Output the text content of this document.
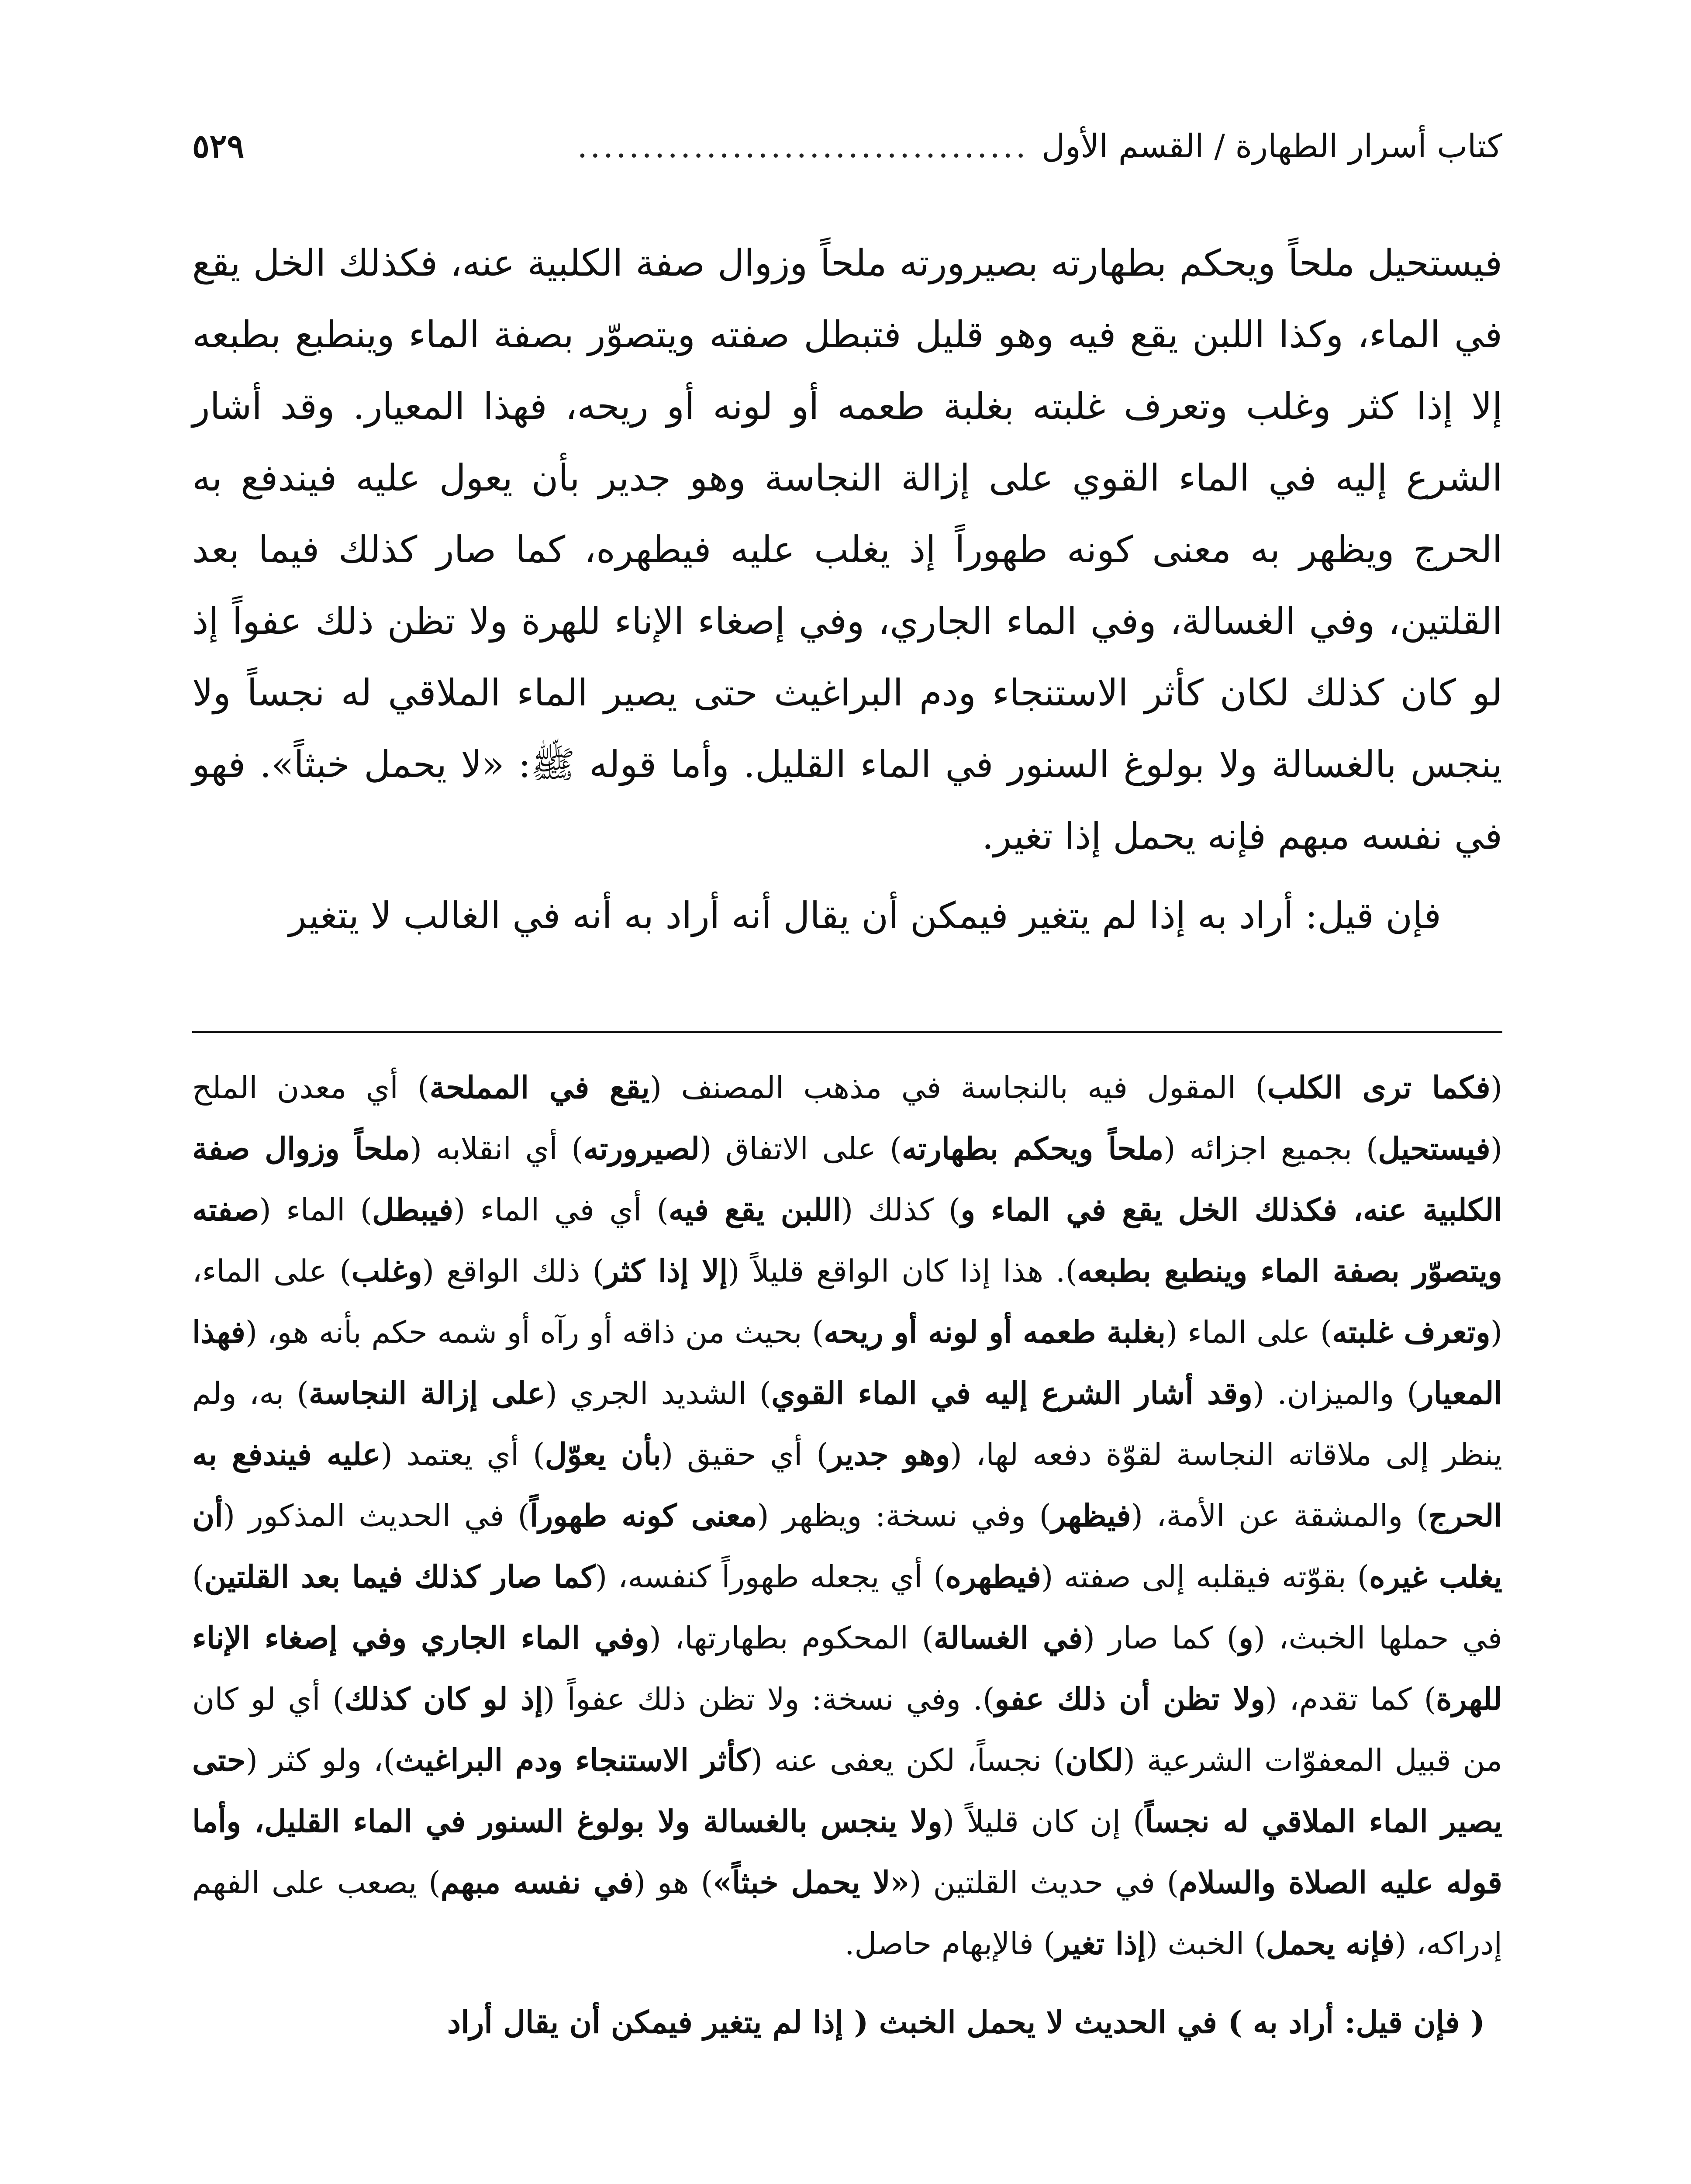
كتاب أسرار الطهارة / القسم الأول
...................................
٥٢٩

فيستحيل ملحاً ويحكم بطهارته بصيرورته ملحاً وزوال صفة الكلبية عنه، فكذلك الخل يقع في الماء، وكذا اللبن يقع فيه وهو قليل فتبطل صفته ويتصوّر بصفة الماء وينطبع بطبعه إلا إذا كثر وغلب وتعرف غلبته بغلبة طعمه أو لونه أو ريحه، فهذا المعيار. وقد أشار الشرع إليه في الماء القوي على إزالة النجاسة وهو جدير بأن يعول عليه فيندفع به الحرج ويظهر به معنى كونه طهوراً إذ يغلب عليه فيطهره، كما صار كذلك فيما بعد القلتين، وفي الغسالة، وفي الماء الجاري، وفي إصغاء الإناء للهرة ولا تظن ذلك عفواً إذ لو كان كذلك لكان كأثر الاستنجاء ودم البراغيث حتى يصير الماء الملاقي له نجساً ولا ينجس بالغسالة ولا بولوغ السنور في الماء القليل. وأما قوله ﷺ: «لا يحمل خبثاً». فهو في نفسه مبهم فإنه يحمل إذا تغير.

فإن قيل: أراد به إذا لم يتغير فيمكن أن يقال أنه أراد به أنه في الغالب لا يتغير

(فكما ترى الكلب) المقول فيه بالنجاسة في مذهب المصنف (يقع في المملحة) أي معدن الملح (فيستحيل) بجميع اجزائه (ملحاً ويحكم بطهارته) على الاتفاق (لصيرورته) أي انقلابه (ملحاً وزوال صفة الكلبية عنه، فكذلك الخل يقع في الماء و) كذلك (اللبن يقع فيه) أي في الماء (فيبطل) الماء (صفته ويتصوّر بصفة الماء وينطبع بطبعه). هذا إذا كان الواقع قليلاً (إلا إذا كثر) ذلك الواقع (وغلب) على الماء، (وتعرف غلبته) على الماء (بغلبة طعمه أو لونه أو ريحه) بحيث من ذاقه أو رآه أو شمه حكم بأنه هو، (فهذا المعيار) والميزان. (وقد أشار الشرع إليه في الماء القوي) الشديد الجري (على إزالة النجاسة) به، ولم ينظر إلى ملاقاته النجاسة لقوّة دفعه لها، (وهو جدير) أي حقيق (بأن يعوّل) أي يعتمد (عليه فيندفع به الحرج) والمشقة عن الأمة، (فيظهر) وفي نسخة: ويظهر (معنى كونه طهوراً) في الحديث المذكور (أن يغلب غيره) بقوّته فيقلبه إلى صفته (فيطهره) أي يجعله طهوراً كنفسه، (كما صار كذلك فيما بعد القلتين) في حملها الخبث، (و) كما صار (في الغسالة) المحكوم بطهارتها، (وفي الماء الجاري وفي إصغاء الإناء للهرة) كما تقدم، (ولا تظن أن ذلك عفو). وفي نسخة: ولا تظن ذلك عفواً (إذ لو كان كذلك) أي لو كان من قبيل المعفوّات الشرعية (لكان) نجساً، لكن يعفى عنه (كأثر الاستنجاء ودم البراغيث)، ولو كثر (حتى يصير الماء الملاقي له نجساً) إن كان قليلاً (ولا ينجس بالغسالة ولا بولوغ السنور في الماء القليل، وأما قوله عليه الصلاة والسلام) في حديث القلتين («لا يحمل خبثاً») هو (في نفسه مبهم) يصعب على الفهم إدراكه، (فإنه يحمل) الخبث (إذا تغير) فالإبهام حاصل.

( فإن قيل: أراد به ) في الحديث لا يحمل الخبث ( إذا لم يتغير فيمكن أن يقال أراد
